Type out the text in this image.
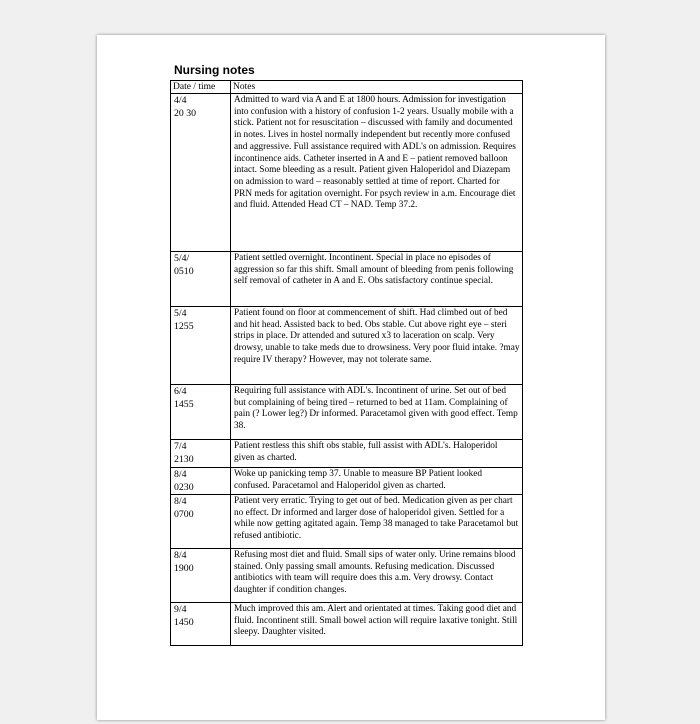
Nursing notes
Date / time	Notes

4/4
20 30	Admitted to ward via A and E at 1800 hours. Admission for investigation into confusion with a history of confusion 1-2 years. Usually mobile with a stick. Patient not for resuscitation – discussed with family and documented in notes. Lives in hostel normally independent but recently more confused and aggressive. Full assistance required with ADL's on admission. Requires incontinence aids. Catheter inserted in A and E – patient removed balloon intact. Some bleeding as a result. Patient given Haloperidol and Diazepam on admission to ward – reasonably settled at time of report. Charted for PRN meds for agitation overnight. For psych review in a.m. Encourage diet and fluid. Attended Head CT – NAD. Temp 37.2.

5/4/
0510	Patient settled overnight. Incontinent. Special in place no episodes of aggression so far this shift. Small amount of bleeding from penis following self removal of catheter in A and E. Obs satisfactory continue special.

5/4
1255	Patient found on floor at commencement of shift. Had climbed out of bed and hit head. Assisted back to bed. Obs stable. Cut above right eye – steri strips in place. Dr attended and sutured x3 to laceration on scalp. Very drowsy, unable to take meds due to drowsiness. Very poor fluid intake. ?may require IV therapy? However, may not tolerate same.

6/4
1455	Requiring full assistance with ADL's. Incontinent of urine. Set out of bed but complaining of being tired – returned to bed at 11am. Complaining of pain (? Lower leg?) Dr informed. Paracetamol given with good effect. Temp 38.

7/4
2130	Patient restless this shift obs stable, full assist with ADL's. Haloperidol given as charted.

8/4
0230	Woke up panicking temp 37. Unable to measure BP Patient looked confused. Paracetamol and Haloperidol given as charted.

8/4
0700	Patient very erratic. Trying to get out of bed. Medication given as per chart no effect. Dr informed and larger dose of haloperidol given. Settled for a while now getting agitated again. Temp 38 managed to take Paracetamol but refused antibiotic.

8/4
1900	Refusing most diet and fluid. Small sips of water only. Urine remains blood stained. Only passing small amounts. Refusing medication. Discussed antibiotics with team will require does this a.m. Very drowsy. Contact daughter if condition changes.

9/4
1450	Much improved this am. Alert and orientated at times. Taking good diet and fluid. Incontinent still. Small bowel action will require laxative tonight. Still sleepy. Daughter visited.
